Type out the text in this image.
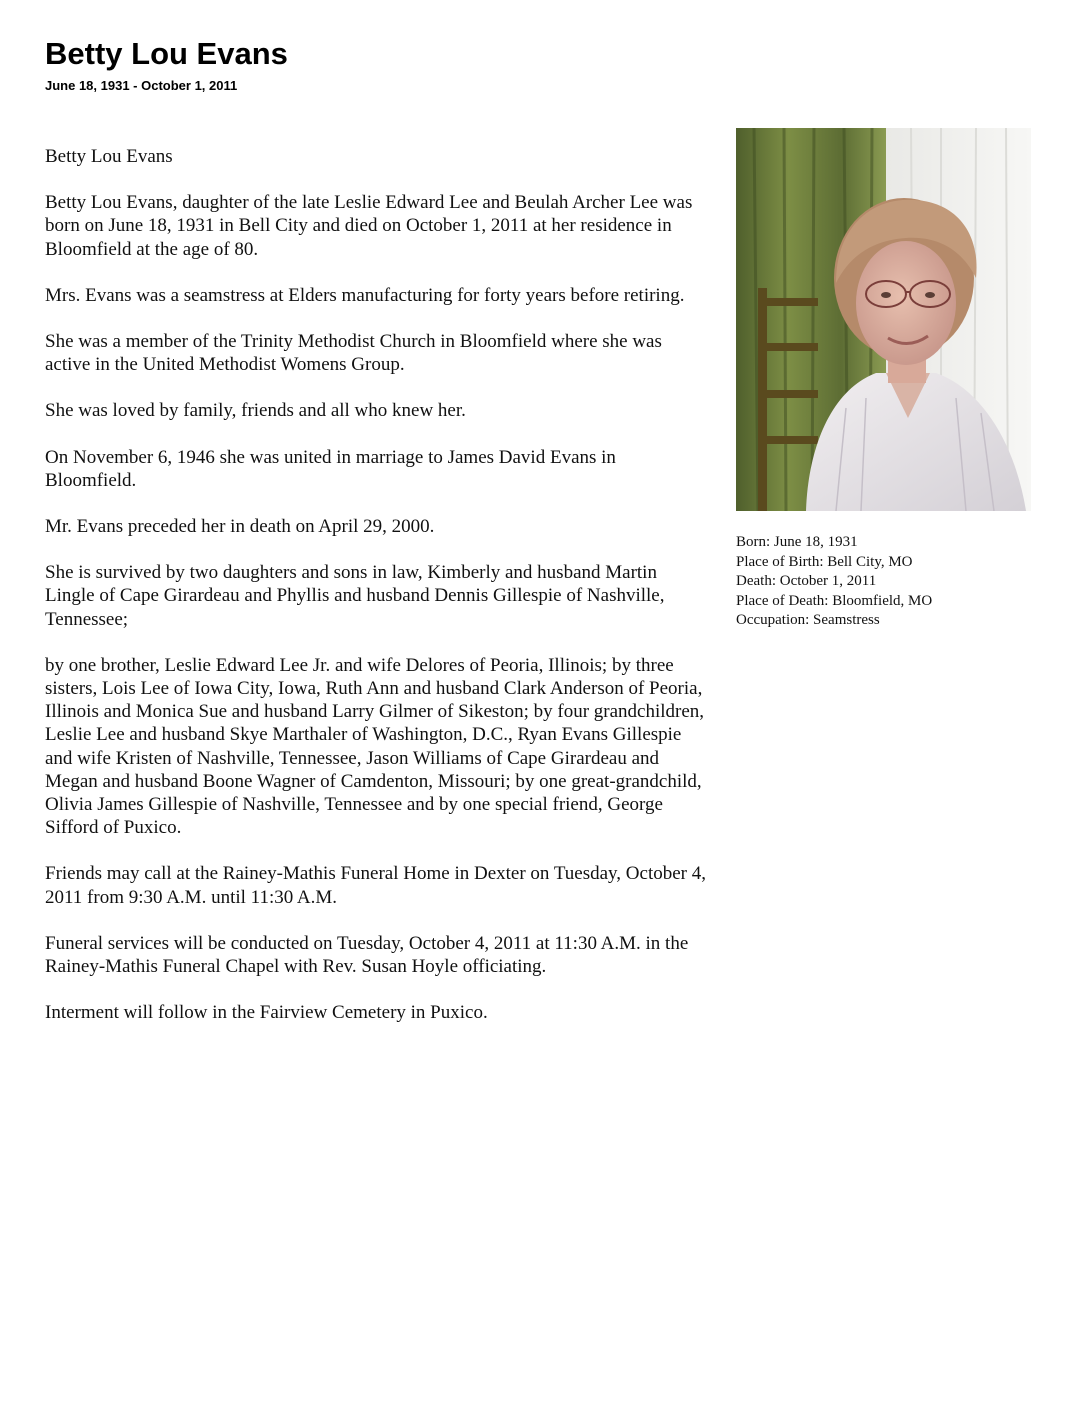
Betty Lou Evans
June 18, 1931 - October 1, 2011

Betty Lou Evans

Betty Lou Evans, daughter of the late Leslie Edward Lee and Beulah Archer Lee was born on June 18, 1931 in Bell City and died on October 1, 2011 at her residence in Bloomfield at the age of 80.

Mrs. Evans was a seamstress at Elders manufacturing for forty years before retiring.

She was a member of the Trinity Methodist Church in Bloomfield where she was active in the United Methodist Womens Group.

She was loved by family, friends and all who knew her.

On November 6, 1946 she was united in marriage to James David Evans in Bloomfield.

Mr. Evans preceded her in death on April 29, 2000.

She is survived by two daughters and sons in law, Kimberly and husband Martin Lingle of Cape Girardeau and Phyllis and husband Dennis Gillespie of Nashville, Tennessee;

by one brother, Leslie Edward Lee Jr. and wife Delores of Peoria, Illinois; by three sisters, Lois Lee of Iowa City, Iowa, Ruth Ann and husband Clark Anderson of Peoria, Illinois and Monica Sue and husband Larry Gilmer of Sikeston; by four grandchildren, Leslie Lee and husband Skye Marthaler of Washington, D.C., Ryan Evans Gillespie and wife Kristen of Nashville, Tennessee, Jason Williams of Cape Girardeau and Megan and husband Boone Wagner of Camdenton, Missouri; by one great-grandchild, Olivia James Gillespie of Nashville, Tennessee and by one special friend, George Sifford of Puxico.

Friends may call at the Rainey-Mathis Funeral Home in Dexter on Tuesday, October 4, 2011 from 9:30 A.M. until 11:30 A.M.

Funeral services will be conducted on Tuesday, October 4, 2011 at 11:30 A.M. in the Rainey-Mathis Funeral Chapel with Rev. Susan Hoyle officiating.

Interment will follow in the Fairview Cemetery in Puxico.

Born: June 18, 1931
Place of Birth: Bell City, MO
Death: October 1, 2011
Place of Death: Bloomfield, MO
Occupation: Seamstress
